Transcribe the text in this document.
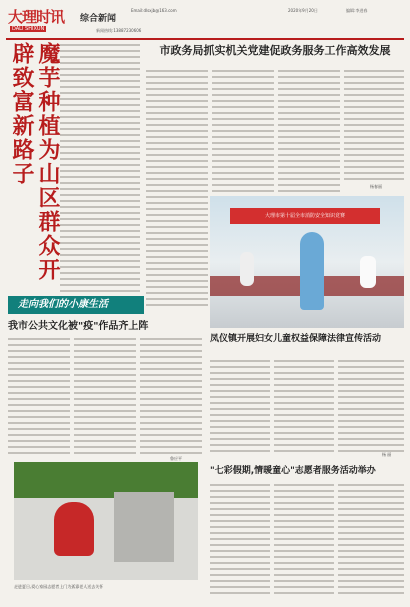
大理时讯
DALI SHIXUN
综合新闻
Email:dlsxjb@163.com
新闻热线:13887230606
2020年9月20日	编辑:李进春
魔芋种植为山区群众开辟致富新路子
走向我们的小康生活
市政务局抓实机关党建促政务服务工作高效发展
杨春丽
大理市第十届全市消防安全知识竞赛
我市公共文化被"疫"作品齐上阵
鲁应平
凤仪镇开展妇女儿童权益保障法律宣传活动
杨 丽
走进夏日,爱心家园志愿者上门为孤寡老人送去关怀
"七彩假期,情暖童心"志愿者服务活动举办
